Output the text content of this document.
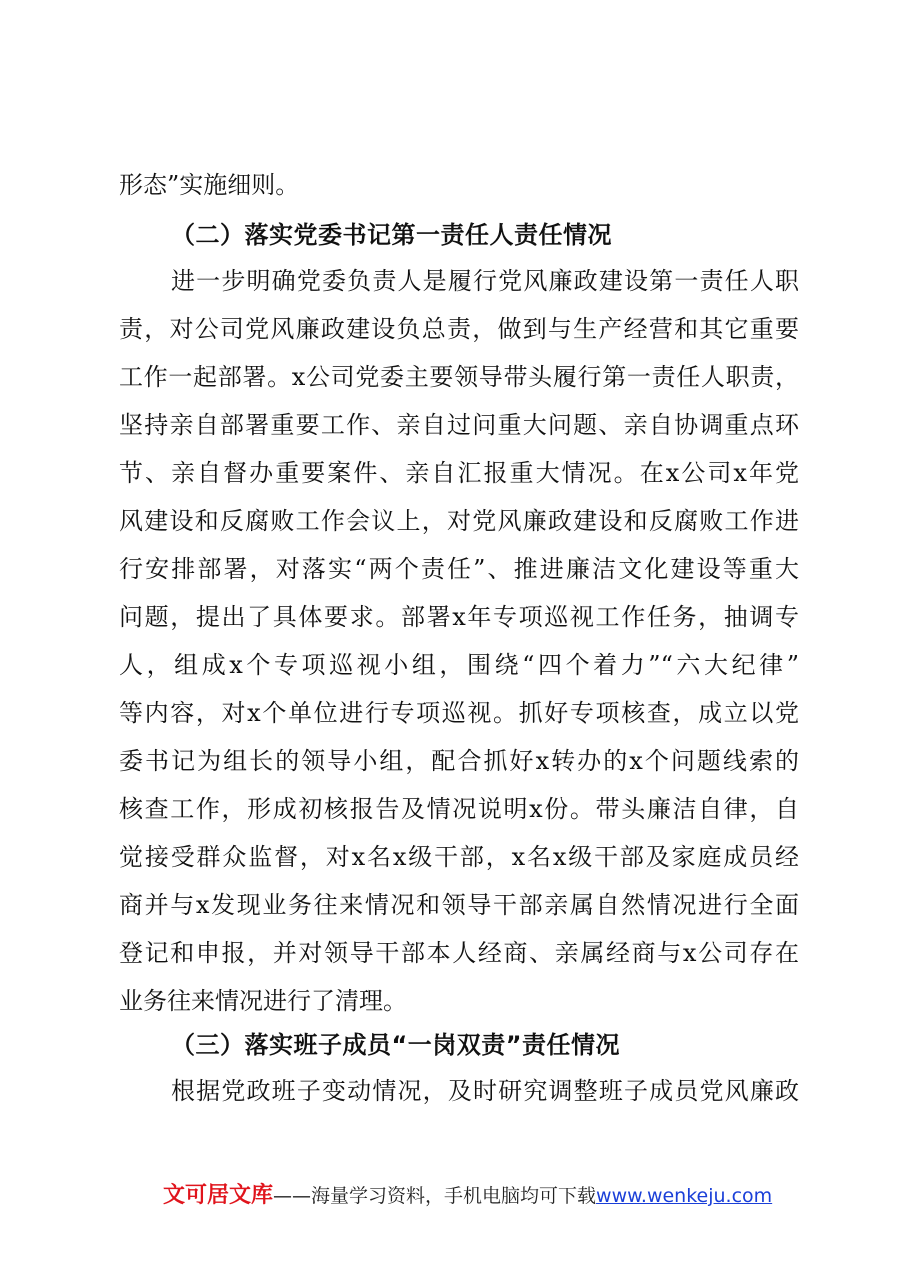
形态”实施细则。
（二）落实党委书记第一责任人责任情况
进一步明确党委负责人是履行党风廉政建设第一责任人职
责，对公司党风廉政建设负总责，做到与生产经营和其它重要
工作一起部署。x公司党委主要领导带头履行第一责任人职责，
坚持亲自部署重要工作、亲自过问重大问题、亲自协调重点环
节、亲自督办重要案件、亲自汇报重大情况。在x公司x年党
风建设和反腐败工作会议上，对党风廉政建设和反腐败工作进
行安排部署，对落实“两个责任”、推进廉洁文化建设等重大
问题，提出了具体要求。部署x年专项巡视工作任务，抽调专
人，组成x个专项巡视小组，围绕“四个着力”“六大纪律”
等内容，对x个单位进行专项巡视。抓好专项核查，成立以党
委书记为组长的领导小组，配合抓好x转办的x个问题线索的
核查工作，形成初核报告及情况说明x份。带头廉洁自律，自
觉接受群众监督，对x名x级干部，x名x级干部及家庭成员经
商并与x发现业务往来情况和领导干部亲属自然情况进行全面
登记和申报，并对领导干部本人经商、亲属经商与x公司存在
业务往来情况进行了清理。
（三）落实班子成员“一岗双责”责任情况
根据党政班子变动情况，及时研究调整班子成员党风廉政
文可居文库——海量学习资料，手机电脑均可下载www.wenkeju.com
